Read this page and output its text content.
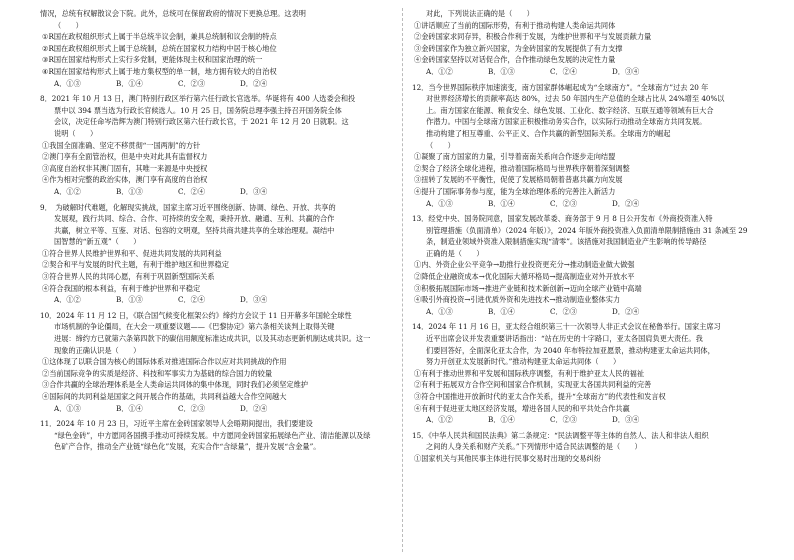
情况，总统有权解散议会下院。此外，总统可在保留政府的情况下更换总理。这表明

（　　）

①R国在政权组织形式上属于半总统半议会制，兼具总统制和议会制的特点

②R国在政权组织形式上属于总统制，总统在国家权力结构中居于核心地位

③R国在国家结构形式上实行多党制，更能体现主权和国家治理的统一

④R国在国家结构形式上属于地方集权型的单一制，地方拥有较大的自治权

A．①③	B．①④	C．②③	D．②④

8．2021 年 10 月 13 日，澳门特别行政区举行第六任行政长官选举。华诞将有 400 人选委会和投

票中以 394 票当选为行政长官候选人。10 月 25 日，国务院总理李强主持召开国务院全体

会议，决定任命岑浩辉为澳门特别行政区第六任行政长官，于 2021 年 12 月 20 日就职。这

说明（　　）

①我国全面准确、坚定不移贯彻“一国两制”的方针

②澳门享有全面管治权，但是中央对此具有监督权力

③高度自治权非其澳门固有，其唯一来源是中央授权

④作为相对完整的政治实体，澳门享有高度的自治权

A．①②	B．①③	C．②④	D．③④

9．　为破解时代难题，化解现实挑战，国家主席习近平围绕创新、协调、绿色、开放、共享的

发展观，践行共同、综合、合作、可持续的安全观，秉持开放、融通、互利、共赢的合作

共赢，树立平等、互鉴、对话、包容的文明观，坚持共商共建共享的全球治理观。凝结中

国智慧的“新五观”（　　）

①符合世界人民维护世界和平、促进共同发展的共同利益

②契合和平与发展的时代主题，有利于维护地区和世界稳定

③符合世界人民的共同心愿，有利于巩固新型国际关系

④符合我国的根本利益，有利于维护世界和平稳定

A．①②	B．①③	C．②④	D．③④

10．2024 年 11 月 12 日，《联合国气候变化框架公约》缔约方会议于 11 日开幕多年国轮全球性

市场机制的争论僵局，在大会一项重要议题——《巴黎协定》第六条相关谈判上取得关键

进展：缔约方已就第六条第四款下的碳信用额度标准达成共识，以及其动态更新机制达成共识。这一

现象的正确认识是（　　）

①这体现了以联合国为核心的国际体系对推进国际合作以应对共同挑战的作用

②当前国际竞争的实质是经济、科技和军事实力为基础的综合国力的较量

③合作共赢的全球治理体系是全人类命运共同体的集中体现，同时我们必须坚定维护

④国际间的共同利益是国家之间开展合作的基础，共同利益越大合作空间越大

A．①③	B．①④	C．②③	D．②④

11．2024 年 10 月 23 日，习近平主席在金砖国家领导人会晤期间提出，我们要建设

“绿色金砖”，中方愿同各国携手推动可持续发展。中方愿同金砖国家拓展绿色产业、清洁能源以及绿

色矿产合作，推动全产业链“绿色化”发展，充实合作“含绿量”，提升发展“含金量”。

对此，下列说法正确的是（　　）

①讲话顺应了当前的国际形势，有利于推动构建人类命运共同体

②金砖国家求同存异，积极合作利于发展，为维护世界和平与发展贡献力量

③金砖国家作为独立新兴国家，为金砖国家的发展提供了有力支撑

④金砖国家坚持以对话促合作，合作推动绿色发展的决定性力量

A．①②	B．①③	C．②④	D．③④

12．当今世界国际秩序加速演变，南方国家群体崛起成为“全球南方”。“全球南方”过去 20 年

对世界经济增长的贡献率高达 80%，过去 50 年国内生产总值的全球占比从 24%增至 40%以

上。南方国家在能源、粮食安全、绿色发展、工业化、数字经济、互联互通等领域有巨大合

作潜力。中国与全球南方国家正积极推动务实合作，以实际行动推动全球南方共同发展。

推动构建了相互尊重、公平正义、合作共赢的新型国际关系。全球南方的崛起

（　　）

①凝聚了南方国家的力量，引导着南南关系向合作逐步走向结盟

②契合了经济全球化进程，推动着国际格局与世界秩序朝着深刻调整

③扭转了发展的不平衡性，促使了发展格局朝着普惠共赢方向发展

④提升了国际事务参与度，能为全球治理体系的完善注入新活力

A．①③	B．①④	C．②③	D．②④

13．经党中央、国务院同意，国家发展改革委、商务部于 9 月 8 日公开发布《外商投资准入特

别管理措施（负面清单）（2024 年版）》，2024 年版外商投资准入负面清单限制措施由 31 条减至 29

条，制造业领域外资准入限制措施实现“清零”。该措施对我国制造业产生影响的传导路径

正确的是（　　）

①内、外资企业公平竞争→助推行业投资更充分→推动制造业做大做强

②降低企业融资成本→优化国际大循环格局→提高制造业对外开放水平

③积极拓展国际市场→推进产业链和技术新创新→迈向全球产业链中高端

④吸引外商投资→引进优质外资和先进技术→推动制造业整体实力

A．①③	B．①④	C．②③	D．②④

14．2024 年 11 月 16 日，亚太经合组织第三十一次领导人非正式会议在秘鲁举行。国家主席习

近平出席会议并发表重要讲话指出：“站在历史的十字路口，亚太各国肩负更大责任。我

们要回答好，全面深化亚太合作，为 2040 年布特拉加亚愿景，推动构建亚太命运共同体，

努力开创亚太发展新时代。”推动构建亚太命运共同体（　　）

①有利于推动世界和平发展和国际秩序调整，有利于维护亚太人民的福祉

②有利于拓展双方合作空间和国家合作机制，实现亚太各国共同利益的完善

③符合中国推进开放新时代的亚太合作关系，提升“全球南方”的代表性和发言权

④有利于促进亚太地区经济发展，增进各国人民的和平共处合作共赢

A．①②	B．①④	C．②③	D．③④

15．《中华人民共和国民法典》第二条规定：“民法调整平等主体的自然人、法人和非法人组织

之间的人身关系和财产关系。”下列情形中适合民法调整的是（　　）

①国家机关与其他民事主体进行民事交易时出现的交易纠纷
